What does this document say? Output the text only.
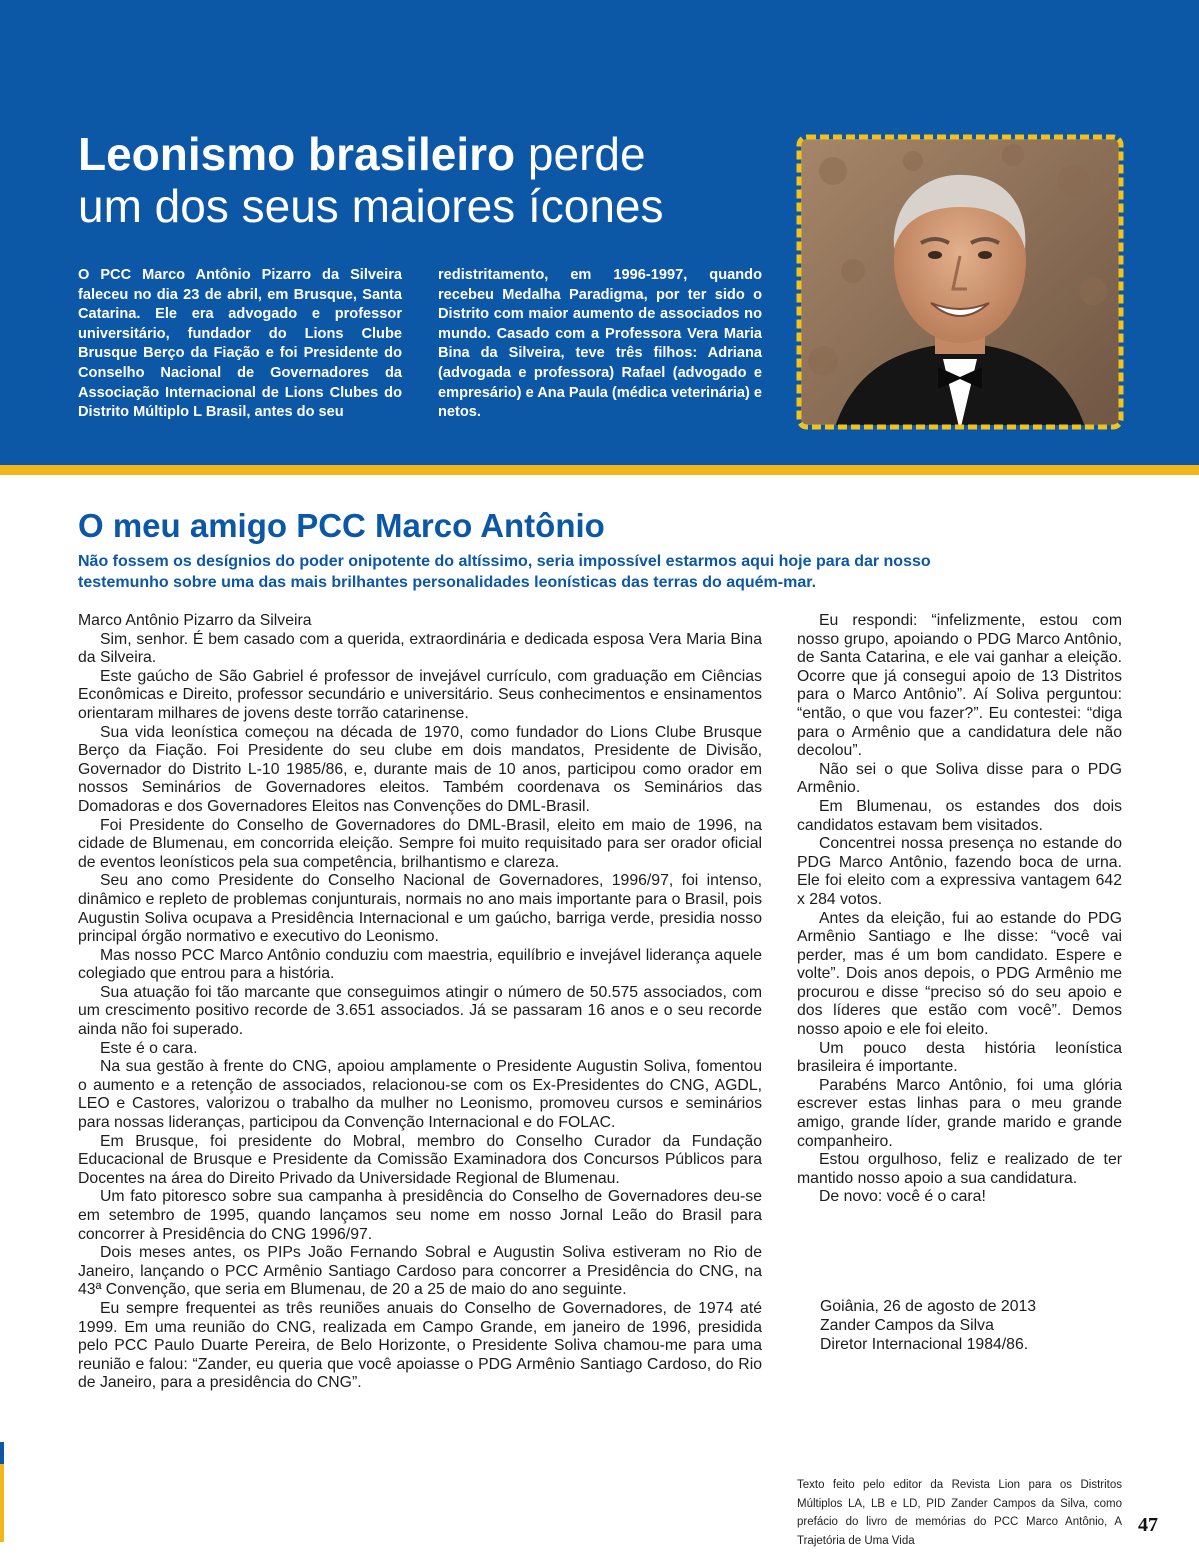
Leonismo brasileiro perde
um dos seus maiores ícones
O PCC Marco Antônio Pizarro da Silveira faleceu no dia 23 de abril, em Brusque, Santa Catarina. Ele era advogado e professor universitário, fundador do Lions Clube Brusque Berço da Fiação e foi Presidente do Conselho Nacional de Governadores da Associação Internacional de Lions Clubes do Distrito Múltiplo L Brasil, antes do seu
redistritamento, em 1996-1997, quando recebeu Medalha Paradigma, por ter sido o Distrito com maior aumento de associados no mundo. Casado com a Professora Vera Maria Bina da Silveira, teve três filhos: Adriana (advogada e professora) Rafael (advogado e empresário) e Ana Paula (médica veterinária) e netos.
O meu amigo PCC Marco Antônio
Não fossem os desígnios do poder onipotente do altíssimo, seria impossível estarmos aqui hoje para dar nosso testemunho sobre uma das mais brilhantes personalidades leonísticas das terras do aquém-mar.

Marco Antônio Pizarro da Silveira

Sim, senhor. É bem casado com a querida, extraordinária e dedicada esposa Vera Maria Bina da Silveira.

Este gaúcho de São Gabriel é professor de invejável currículo, com graduação em Ciências Econômicas e Direito, professor secundário e universitário. Seus conhecimentos e ensinamentos orientaram milhares de jovens deste torrão catarinense.

Sua vida leonística começou na década de 1970, como fundador do Lions Clube Brusque Berço da Fiação. Foi Presidente do seu clube em dois mandatos, Presidente de Divisão, Governador do Distrito L-10 1985/86, e, durante mais de 10 anos, participou como orador em nossos Seminários de Governadores eleitos. Também coordenava os Seminários das Domadoras e dos Governadores Eleitos nas Convenções do DML-Brasil.

Foi Presidente do Conselho de Governadores do DML-Brasil, eleito em maio de 1996, na cidade de Blumenau, em concorrida eleição. Sempre foi muito requisitado para ser orador oficial de eventos leonísticos pela sua competência, brilhantismo e clareza.

Seu ano como Presidente do Conselho Nacional de Governadores, 1996/97, foi intenso, dinâmico e repleto de problemas conjunturais, normais no ano mais importante para o Brasil, pois Augustin Soliva ocupava a Presidência Internacional e um gaúcho, barriga verde, presidia nosso principal órgão normativo e executivo do Leonismo.

Mas nosso PCC Marco Antônio conduziu com maestria, equilíbrio e invejável liderança aquele colegiado que entrou para a história.

Sua atuação foi tão marcante que conseguimos atingir o número de 50.575 associados, com um crescimento positivo recorde de 3.651 associados. Já se passaram 16 anos e o seu recorde ainda não foi superado.

Este é o cara.

Na sua gestão à frente do CNG, apoiou amplamente o Presidente Augustin Soliva, fomentou o aumento e a retenção de associados, relacionou-se com os Ex-Presidentes do CNG, AGDL, LEO e Castores, valorizou o trabalho da mulher no Leonismo, promoveu cursos e seminários para nossas lideranças, participou da Convenção Internacional e do FOLAC.

Em Brusque, foi presidente do Mobral, membro do Conselho Curador da Fundação Educacional de Brusque e Presidente da Comissão Examinadora dos Concursos Públicos para Docentes na área do Direito Privado da Universidade Regional de Blumenau.

Um fato pitoresco sobre sua campanha à presidência do Conselho de Governadores deu-se em setembro de 1995, quando lançamos seu nome em nosso Jornal Leão do Brasil para concorrer à Presidência do CNG 1996/97.

Dois meses antes, os PIPs João Fernando Sobral e Augustin Soliva estiveram no Rio de Janeiro, lançando o PCC Armênio Santiago Cardoso para concorrer a Presidência do CNG, na 43ª Convenção, que seria em Blumenau, de 20 a 25 de maio do ano seguinte.

Eu sempre frequentei as três reuniões anuais do Conselho de Governadores, de 1974 até 1999. Em uma reunião do CNG, realizada em Campo Grande, em janeiro de 1996, presidida pelo PCC Paulo Duarte Pereira, de Belo Horizonte, o Presidente Soliva chamou-me para uma reunião e falou: “Zander, eu queria que você apoiasse o PDG Armênio Santiago Cardoso, do Rio de Janeiro, para a presidência do CNG”.

Eu respondi: “infelizmente, estou com nosso grupo, apoiando o PDG Marco Antônio, de Santa Catarina, e ele vai ganhar a eleição. Ocorre que já consegui apoio de 13 Distritos para o Marco Antônio”. Aí Soliva perguntou: “então, o que vou fazer?”. Eu contestei: “diga para o Armênio que a candidatura dele não decolou”.

Não sei o que Soliva disse para o PDG Armênio.

Em Blumenau, os estandes dos dois candidatos estavam bem visitados.

Concentrei nossa presença no estande do PDG Marco Antônio, fazendo boca de urna. Ele foi eleito com a expressiva vantagem 642 x 284 votos.

Antes da eleição, fui ao estande do PDG Armênio Santiago e lhe disse: “você vai perder, mas é um bom candidato. Espere e volte”. Dois anos depois, o PDG Armênio me procurou e disse “preciso só do seu apoio e dos líderes que estão com você”. Demos nosso apoio e ele foi eleito.

Um pouco desta história leonística brasileira é importante.

Parabéns Marco Antônio, foi uma glória escrever estas linhas para o meu grande amigo, grande líder, grande marido e grande companheiro.

Estou orgulhoso, feliz e realizado de ter mantido nosso apoio a sua candidatura.

De novo: você é o cara!

Goiânia, 26 de agosto de 2013
Zander Campos da Silva
Diretor Internacional 1984/86.
Texto feito pelo editor da Revista Lion para os Distritos Múltiplos LA, LB e LD, PID Zander Campos da Silva, como prefácio do livro de memórias do PCC Marco Antônio, A Trajetória de Uma Vida
47
